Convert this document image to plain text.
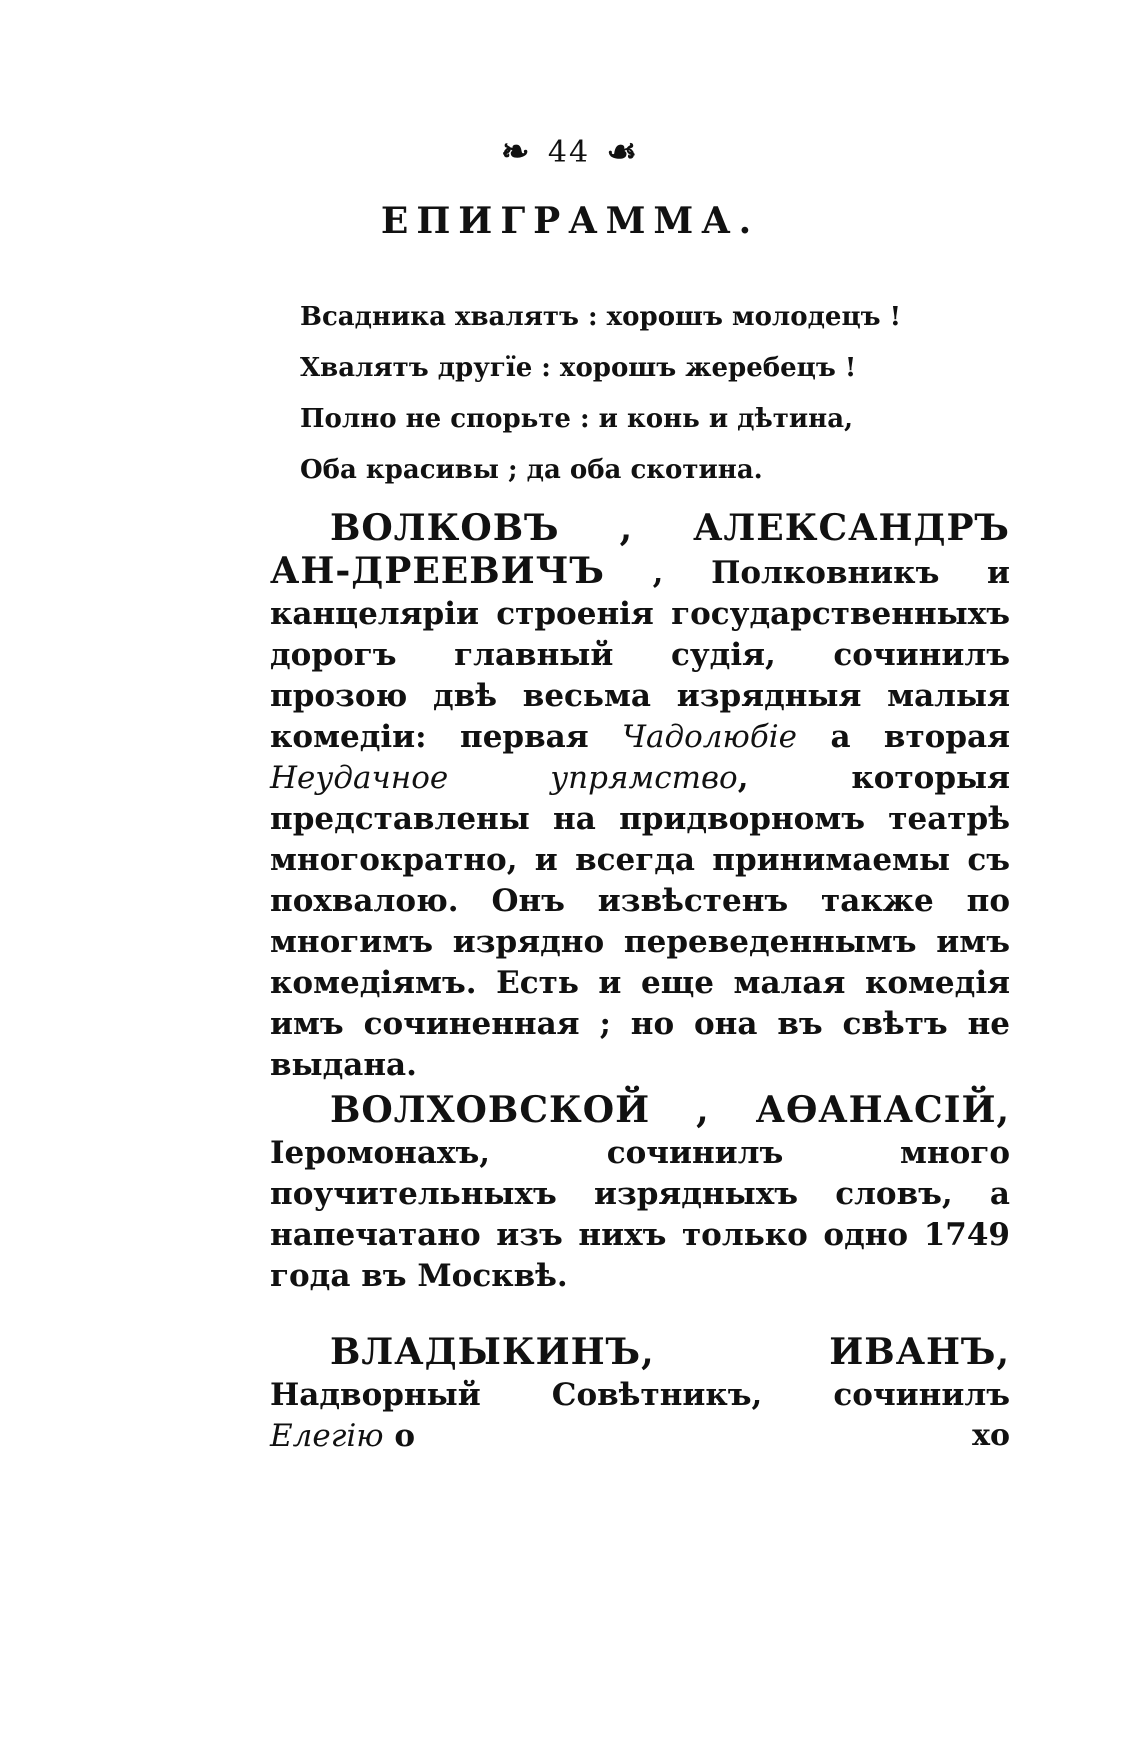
❧ 44 ☙
ЕПИГРАММА.
Всадника хвалятъ : хорошъ молодецъ !
Хвалятъ другїе : хорошъ жеребецъ !
Полно не спорьте : и конь и дѣтина,
Оба красивы ; да оба скотина.
ВОЛКОВЪ , АЛЕКСАНДРЪ АН-ДРЕЕВИЧЪ , Полковникъ и канцеляріи строенія государственныхъ дорогъ главный судія, сочинилъ прозою двѣ весьма изрядныя малыя комедіи: первая Чадолюбіе а вторая Неудачное упрямство, которыя представлены на придворномъ театрѣ многократно, и всегда принимаемы съ похвалою. Онъ извѣстенъ также по многимъ изрядно переведеннымъ имъ комедіямъ. Есть и еще малая комедія имъ сочиненная ; но она въ свѣтъ не выдана.
ВОЛХОВСКОЙ , АѲАНАСІЙ, Іеромонахъ, сочинилъ много поучительныхъ изрядныхъ словъ, а напечатано изъ нихъ только одно 1749 года въ Москвѣ.
ВЛАДЫКИНЪ, ИВАНЪ, Надворный Совѣтникъ, сочинилъ Елегію о	хо
